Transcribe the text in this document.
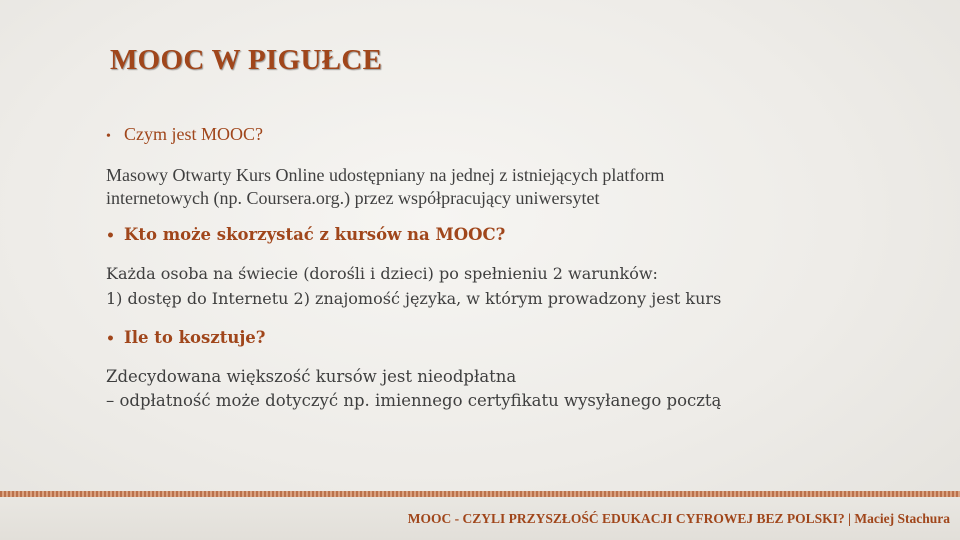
MOOC W PIGUŁCE
• Czym jest MOOC?

Masowy Otwarty Kurs Online udostępniany na jednej z istniejących platform

internetowych (np. Coursera.org.) przez współpracujący uniwersytet

• Kto może skorzystać z kursów na MOOC?

Każda osoba na świecie (dorośli i dzieci) po spełnieniu 2 warunków:

1) dostęp do Internetu 2) znajomość języka, w którym prowadzony jest kurs

• Ile to kosztuje?

Zdecydowana większość kursów jest nieodpłatna

– odpłatność może dotyczyć np. imiennego certyfikatu wysyłanego pocztą

MOOC - CZYLI PRZYSZŁOŚĆ EDUKACJI CYFROWEJ BEZ POLSKI? | Maciej Stachura
